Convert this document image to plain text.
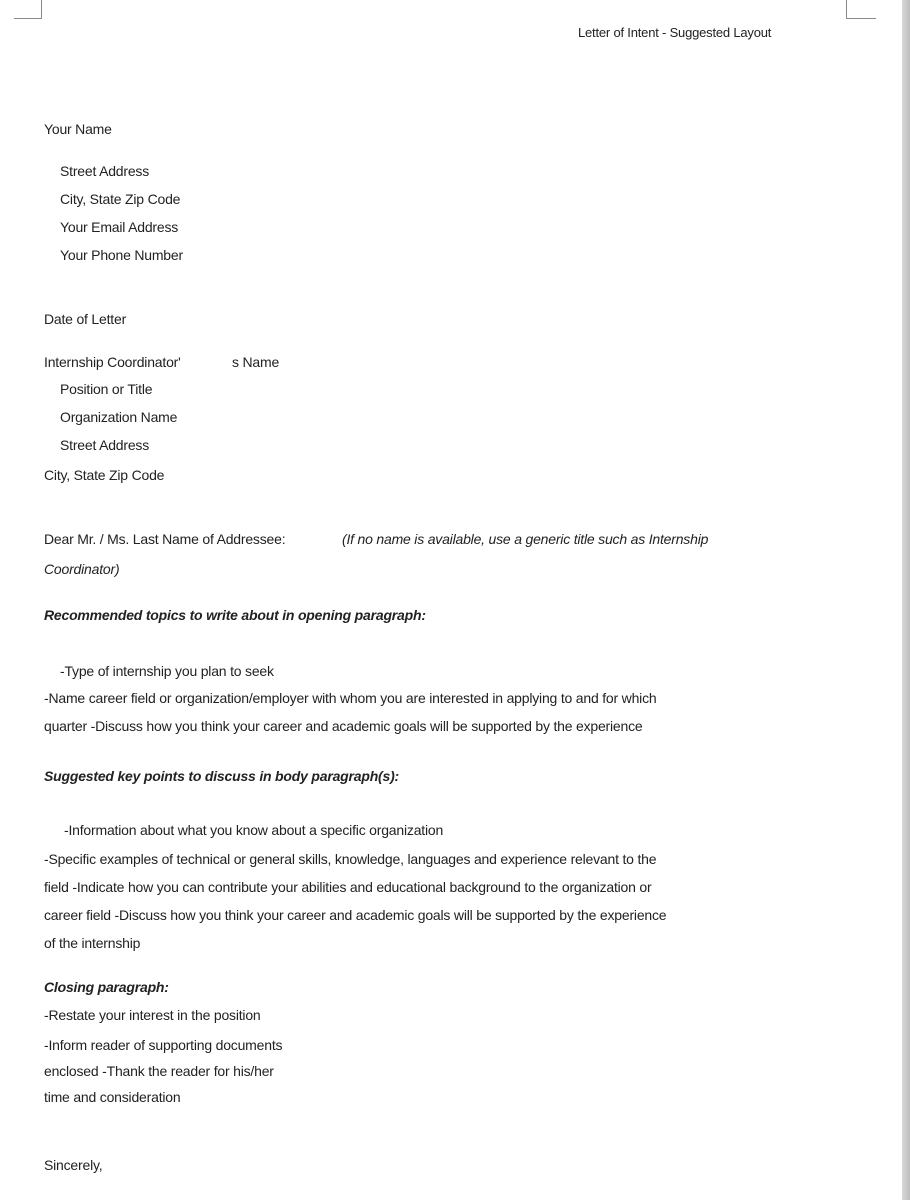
Letter of Intent - Suggested Layout
Your Name
Street Address
City, State Zip Code
Your Email Address
Your Phone Number
Date of Letter
Internship Coordinator'	s Name
Position or Title
Organization Name
Street Address
City, State Zip Code
Dear Mr. / Ms. Last Name of Addressee:	(If no name is available, use a generic title such as Internship
Coordinator)
Recommended topics to write about in opening paragraph:
-Type of internship you plan to seek
-Name career field or organization/employer with whom you are interested in applying to and for which
quarter -Discuss how you think your career and academic goals will be supported by the experience
Suggested key points to discuss in body paragraph(s):
-Information about what you know about a specific organization
-Specific examples of technical or general skills, knowledge, languages and experience relevant to the
field -Indicate how you can contribute your abilities and educational background to the organization or
career field -Discuss how you think your career and academic goals will be supported by the experience
of the internship
Closing paragraph:
-Restate your interest in the position
-Inform reader of supporting documents
enclosed -Thank the reader for his/her
time and consideration
Sincerely,
